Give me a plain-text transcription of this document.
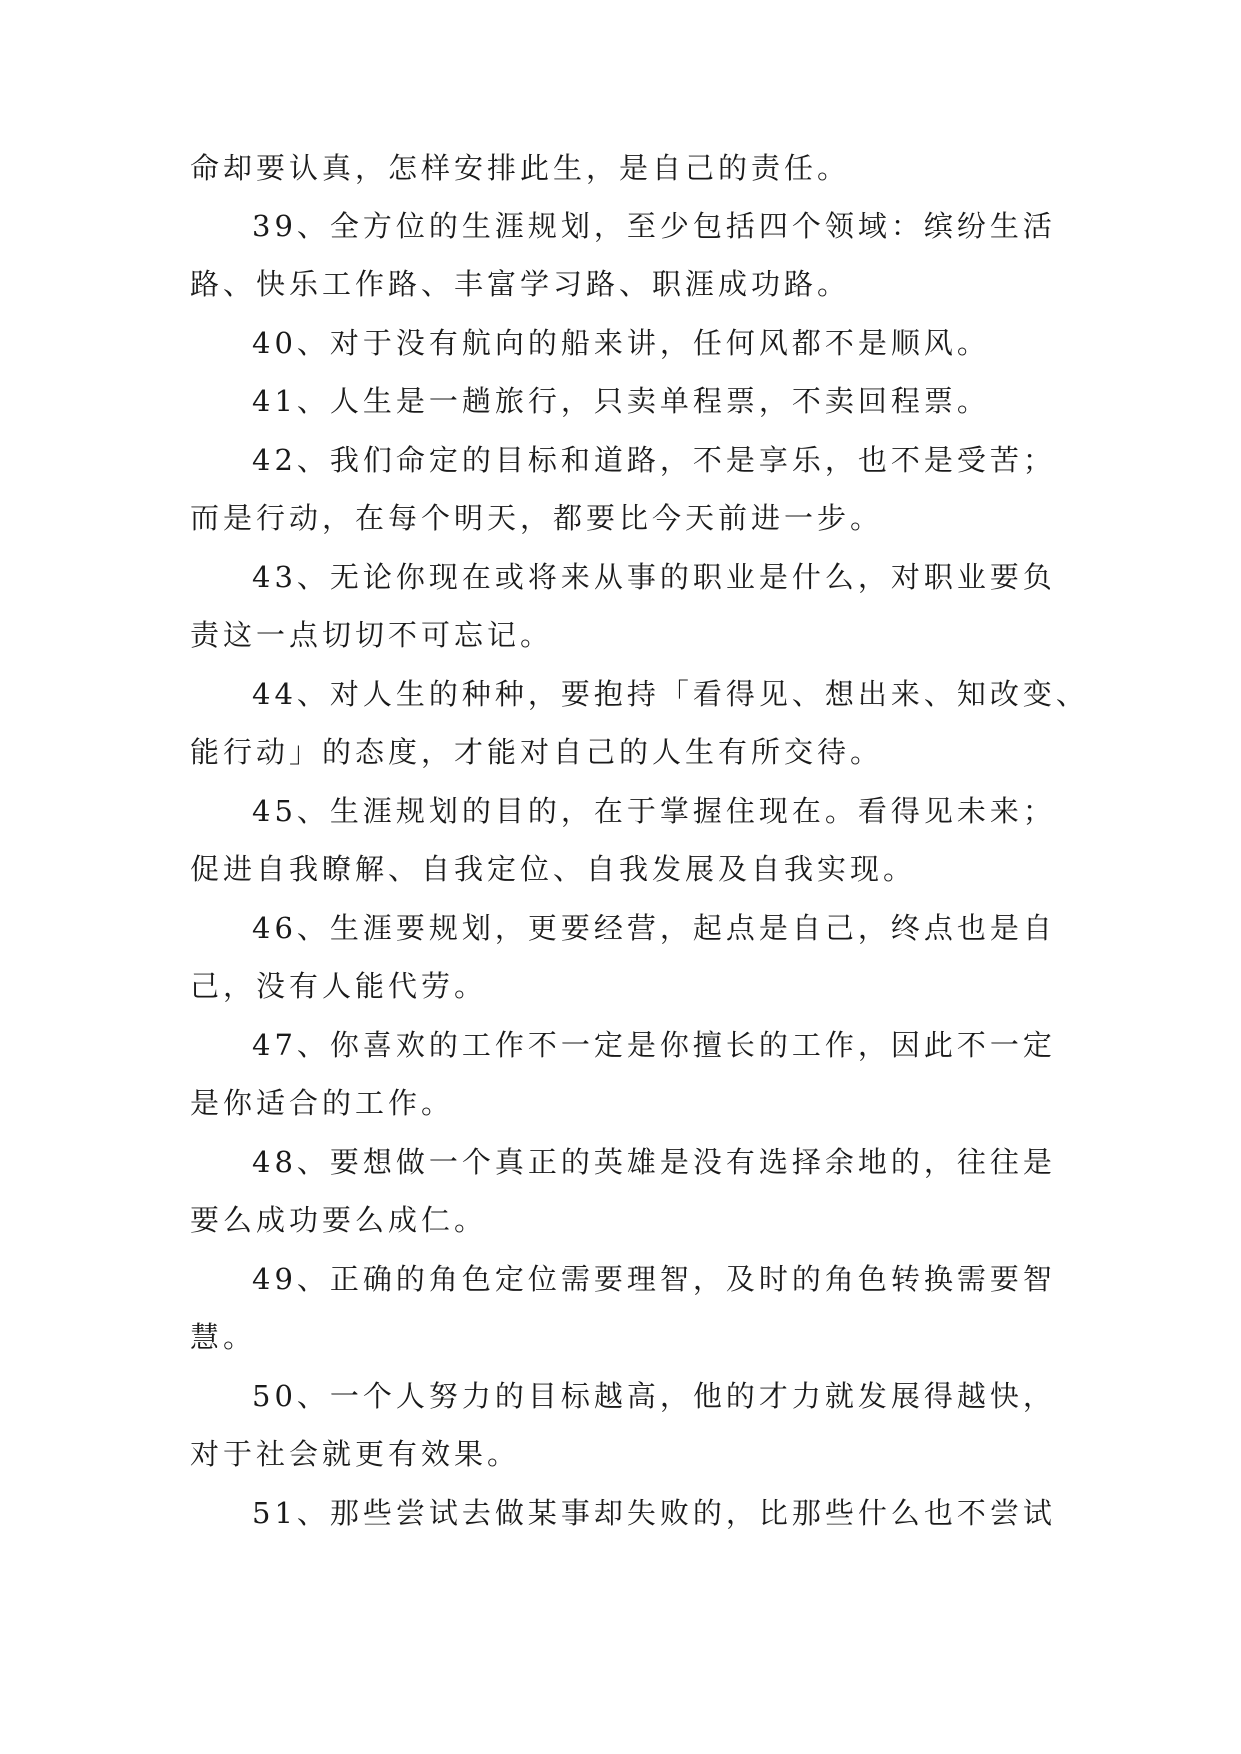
命却要认真，怎样安排此生，是自己的责任。
39、全方位的生涯规划，至少包括四个领域：缤纷生活
路、快乐工作路、丰富学习路、职涯成功路。
40、对于没有航向的船来讲，任何风都不是顺风。
41、人生是一趟旅行，只卖单程票，不卖回程票。
42、我们命定的目标和道路，不是享乐，也不是受苦；
而是行动，在每个明天，都要比今天前进一步。
43、无论你现在或将来从事的职业是什么，对职业要负
责这一点切切不可忘记。
44、对人生的种种，要抱持「看得见、想出来、知改变、
能行动」的态度，才能对自己的人生有所交待。
45、生涯规划的目的，在于掌握住现在。看得见未来；
促进自我瞭解、自我定位、自我发展及自我实现。
46、生涯要规划，更要经营，起点是自己，终点也是自
己，没有人能代劳。
47、你喜欢的工作不一定是你擅长的工作，因此不一定
是你适合的工作。
48、要想做一个真正的英雄是没有选择余地的，往往是
要么成功要么成仁。
49、正确的角色定位需要理智，及时的角色转换需要智
慧。
50、一个人努力的目标越高，他的才力就发展得越快，
对于社会就更有效果。
51、那些尝试去做某事却失败的，比那些什么也不尝试
